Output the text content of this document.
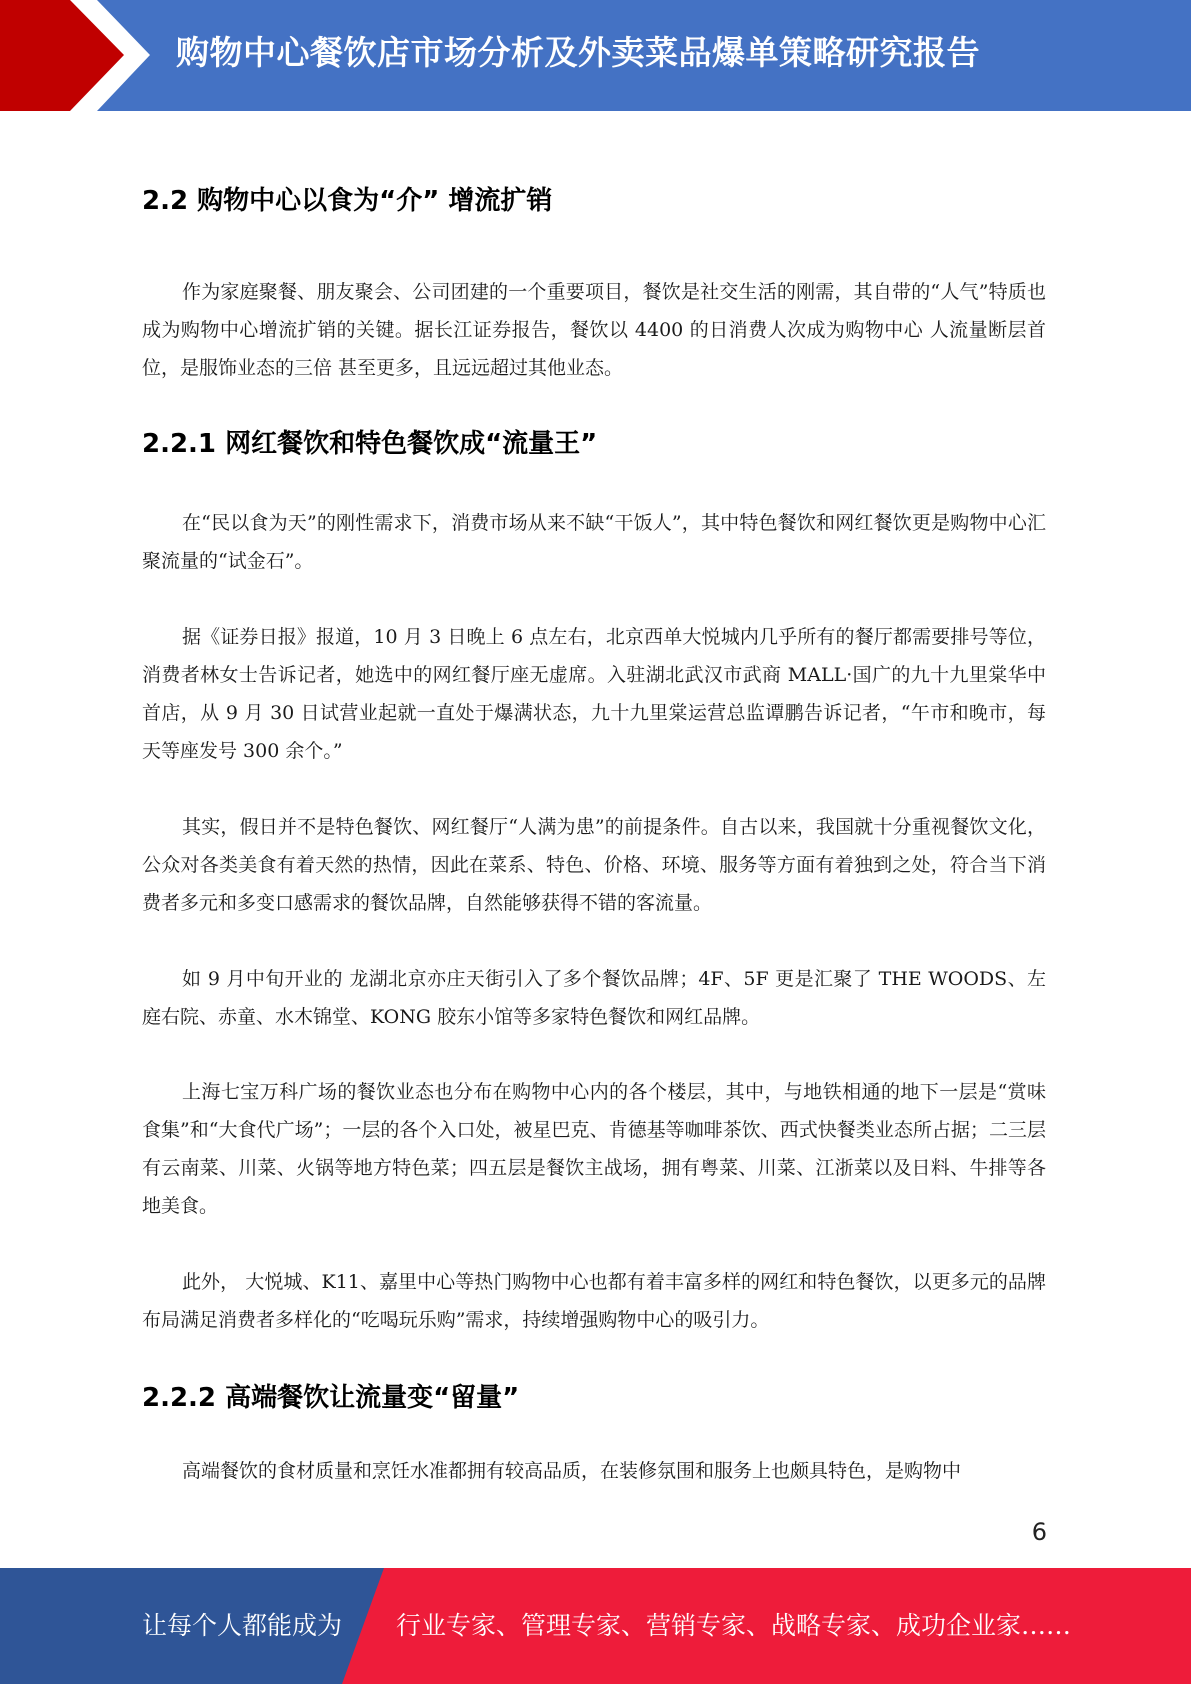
购物中心餐饮店市场分析及外卖菜品爆单策略研究报告
2.2 购物中心以食为“介” 增流扩销

作为家庭聚餐、朋友聚会、公司团建的一个重要项目，餐饮是社交生活的刚需，其自带的“人气”特质也成为购物中心增流扩销的关键。据长江证券报告，餐饮以 4400 的日消费人次成为购物中心 人流量断层首位，是服饰业态的三倍 甚至更多，且远远超过其他业态。

2.2.1 网红餐饮和特色餐饮成“流量王”

在“民以食为天”的刚性需求下，消费市场从来不缺“干饭人”，其中特色餐饮和网红餐饮更是购物中心汇聚流量的“试金石”。

据《证券日报》报道，10 月 3 日晚上 6 点左右，北京西单大悦城内几乎所有的餐厅都需要排号等位，消费者林女士告诉记者，她选中的网红餐厅座无虚席。入驻湖北武汉市武商 MALL·国广的九十九里棠华中首店，从 9 月 30 日试营业起就一直处于爆满状态，九十九里棠运营总监谭鹏告诉记者，“午市和晚市，每天等座发号 300 余个。”

其实，假日并不是特色餐饮、网红餐厅“人满为患”的前提条件。自古以来，我国就十分重视餐饮文化，公众对各类美食有着天然的热情，因此在菜系、特色、价格、环境、服务等方面有着独到之处，符合当下消费者多元和多变口感需求的餐饮品牌，自然能够获得不错的客流量。

如 9 月中旬开业的 龙湖北京亦庄天街引入了多个餐饮品牌；4F、5F 更是汇聚了 THE WOODS、左庭右院、赤童、水木锦堂、KONG 胶东小馆等多家特色餐饮和网红品牌。

上海七宝万科广场的餐饮业态也分布在购物中心内的各个楼层，其中，与地铁相通的地下一层是“赏味食集”和“大食代广场”；一层的各个入口处，被星巴克、肯德基等咖啡茶饮、西式快餐类业态所占据；二三层有云南菜、川菜、火锅等地方特色菜；四五层是餐饮主战场，拥有粤菜、川菜、江浙菜以及日料、牛排等各地美食。

此外， 大悦城、K11、嘉里中心等热门购物中心也都有着丰富多样的网红和特色餐饮，以更多元的品牌布局满足消费者多样化的“吃喝玩乐购”需求，持续增强购物中心的吸引力。

2.2.2 高端餐饮让流量变“留量”

高端餐饮的食材质量和烹饪水准都拥有较高品质，在装修氛围和服务上也颇具特色，是购物中

6
让每个人都能成为 行业专家、管理专家、营销专家、战略专家、成功企业家……
